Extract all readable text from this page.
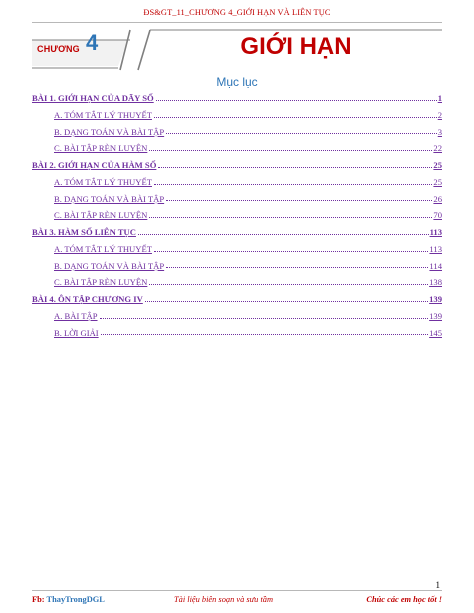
ĐS&GT_11_CHƯƠNG 4_GIỚI HẠN VÀ LIÊN TỤC
CHƯƠNG 4	GIỚI HẠN
Mục lục
BÀI 1. GIỚI HẠN CỦA DÃY SỐ	1
A. TÓM TẮT LÝ THUYẾT	2
B. DẠNG TOÁN VÀ BÀI TẬP	3
C. BÀI TẬP RÈN LUYỆN	22
BÀI 2. GIỚI HẠN CỦA HÀM SỐ	25
A. TÓM TẮT LÝ THUYẾT	25
B. DẠNG TOÁN VÀ BÀI TẬP	26
C. BÀI TẬP RÈN LUYỆN	70
BÀI 3. HÀM SỐ LIÊN TỤC	113
A. TÓM TẮT LÝ THUYẾT	113
B. DẠNG TOÁN VÀ BÀI TẬP	114
C. BÀI TẬP RÈN LUYỆN	138
BÀI 4. ÔN TẬP CHƯƠNG IV	139
A. BÀI TẬP	139
B. LỜI GIẢI	145
1
Fb: ThayTrongDGL	Tài liệu biên soạn và sưu tầm	Chúc các em học tốt !
